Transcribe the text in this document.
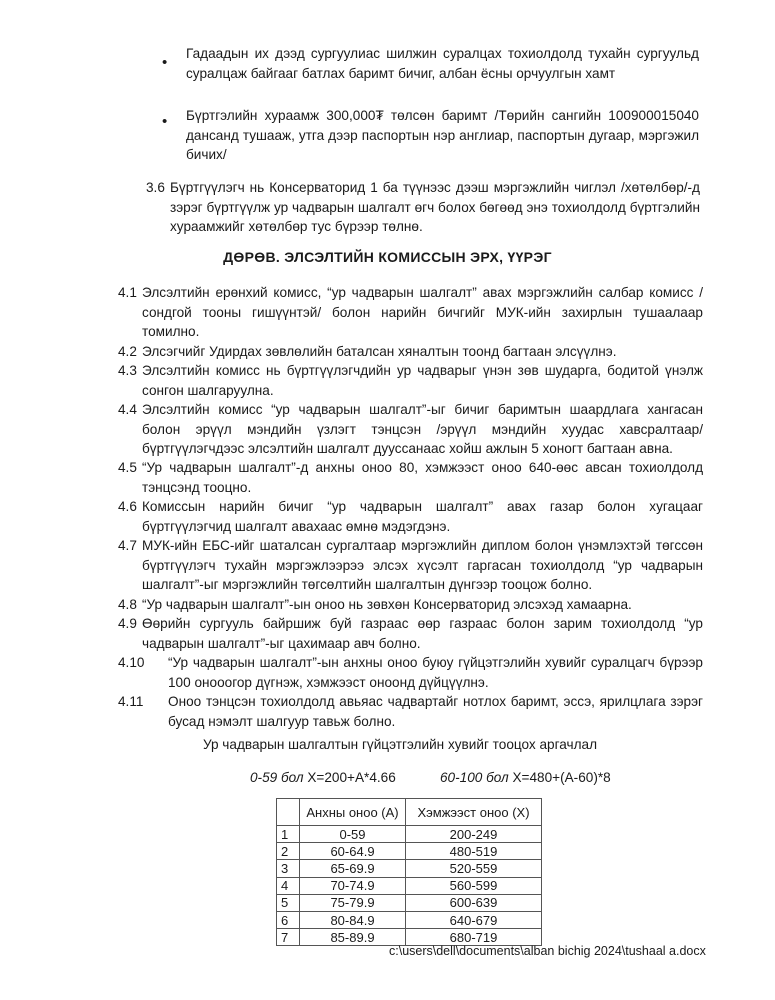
•
Гадаадын их дээд сургуулиас шилжин суралцах тохиолдолд тухайн сургуульд суралцаж байгааг батлах баримт бичиг, албан ёсны орчуулгын хамт
• Бүртгэлийн хураамж 300,000₮ төлсөн баримт /Төрийн сангийн 100900015040 дансанд тушааж, утга дээр паспортын нэр англиар, паспортын дугаар, мэргэжил бичих/
3.6 Бүртгүүлэгч нь Консерваторид 1 ба түүнээс дээш мэргэжлийн чиглэл /хөтөлбөр/-д зэрэг бүртгүүлж ур чадварын шалгалт өгч болох бөгөөд энэ тохиолдолд бүртгэлийн хураамжийг хөтөлбөр тус бүрээр төлнө.
ДӨРӨВ. ЭЛСЭЛТИЙН КОМИССЫН ЭРХ, ҮҮРЭГ
4.1 Элсэлтийн ерөнхий комисс, “ур чадварын шалгалт” авах мэргэжлийн салбар комисс /сондгой тооны гишүүнтэй/ болон нарийн бичгийг МУК-ийн захирлын тушаалаар томилно.
4.2 Элсэгчийг Удирдах зөвлөлийн баталсан хяналтын тоонд багтаан элсүүлнэ.
4.3 Элсэлтийн комисс нь бүртгүүлэгчдийн ур чадварыг үнэн зөв шударга, бодитой үнэлж сонгон шалгаруулна.
4.4 Элсэлтийн комисс “ур чадварын шалгалт”-ыг бичиг баримтын шаардлага хангасан болон эрүүл мэндийн үзлэгт тэнцсэн /эрүүл мэндийн хуудас хавсралтаар/ бүртгүүлэгчдээс элсэлтийн шалгалт дуусcaнаас хойш ажлын 5 хоногт багтаан авна.
4.5 “Ур чадварын шалгалт”-д анхны оноо 80, хэмжээст оноо 640-өөс авсан тохиолдолд тэнцсэнд тооцно.
4.6 Комиссын нарийн бичиг “ур чадварын шалгалт” авах газар болон хугацааг бүртгүүлэгчид шалгалт авахаас өмнө мэдэгдэнэ.
4.7 МУК-ийн ЕБС-ийг шаталсан сургалтаар мэргэжлийн диплом болон үнэмлэхтэй төгссөн бүртгүүлэгч тухайн мэргэжлээрээ элсэх хүсэлт гаргасан тохиолдолд “ур чадварын шалгалт”-ыг мэргэжлийн төгсөлтийн шалгалтын дүнгээр тооцож болно.
4.8 “Ур чадварын шалгалт”-ын оноо нь зөвхөн Консерваторид элсэхэд хамаарна.
4.9 Өөрийн сургууль байршиж буй газраас өөр газраас болон зарим тохиолдолд “ур чадварын шалгалт”-ыг цахимаар авч болно.
4.10	“Ур чадварын шалгалт”-ын анхны оноо буюу гүйцэтгэлийн хувийг суралцагч бүрээр 100 онооогор дүгнэж, хэмжээст оноонд дүйцүүлнэ.
4.11	Оноо тэнцсэн тохиолдолд авьяас чадвартайг нотлох баримт, эссэ, ярилцлага зэрэг бусад нэмэлт шалгуур тавьж болно.
Ур чадварын шалгалтын гүйцэтгэлийн хувийг тооцох аргачлал
0-59 бол X=200+A*4.66	60-100 бол X=480+(A-60)*8
	Анхны оноо (А)	Хэмжээст оноо (X)
1	0-59	200-249
2	60-64.9	480-519
3	65-69.9	520-559
4	70-74.9	560-599
5	75-79.9	600-639
6	80-84.9	640-679
7	85-89.9	680-719
c:\users\dell\documents\alban bichig 2024\tushaal a.docx
